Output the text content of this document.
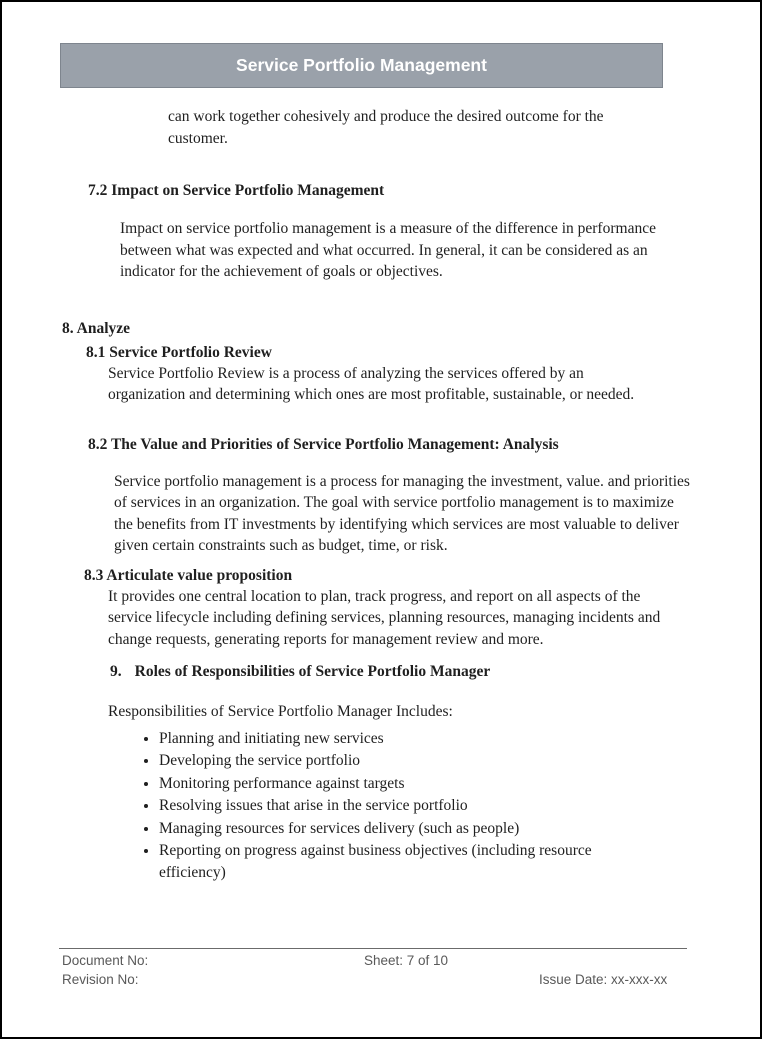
Service Portfolio Management

can work together cohesively and produce the desired outcome for the customer.

7.2 Impact on Service Portfolio Management

Impact on service portfolio management is a measure of the difference in performance between what was expected and what occurred. In general, it can be considered as an indicator for the achievement of goals or objectives.

8. Analyze
8.1 Service Portfolio Review

Service Portfolio Review is a process of analyzing the services offered by an organization and determining which ones are most profitable, sustainable, or needed.

8.2 The Value and Priorities of Service Portfolio Management: Analysis

Service portfolio management is a process for managing the investment, value. and priorities of services in an organization. The goal with service portfolio management is to maximize the benefits from IT investments by identifying which services are most valuable to deliver given certain constraints such as budget, time, or risk.

8.3 Articulate value proposition

It provides one central location to plan, track progress, and report on all aspects of the service lifecycle including defining services, planning resources, managing incidents and change requests, generating reports for management review and more.

9. Roles of Responsibilities of Service Portfolio Manager

Responsibilities of Service Portfolio Manager Includes:

• Planning and initiating new services
• Developing the service portfolio
• Monitoring performance against targets
• Resolving issues that arise in the service portfolio
• Managing resources for services delivery (such as people)
• Reporting on progress against business objectives (including resource efficiency)
Document No:	Sheet: 7 of 10
Revision No:	Issue Date: xx-xxx-xx
